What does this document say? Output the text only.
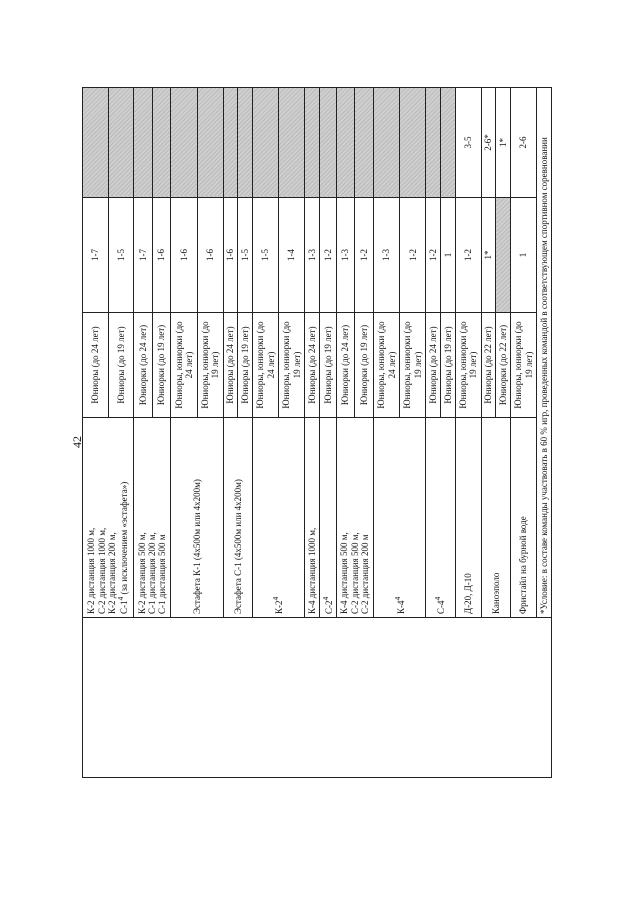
42

	К-2 дистанция 1000 м, С-2 дистанция 1000 м, К-2 дистанция 200 м, $С-1^4$ (за исключением «эстафета»)	Юниоры (до 24 лет)	1-7	
		Юниоры (до 19 лет)	1-5	

	К-2 дистанция 500 м, С-1 дистанция 200 м, С-1 дистанция 500 м	Юниорки (до 24 лет)	1-7	
		Юниорки (до 19 лет)	1-6	

	Эстафета К-1 (4х500м или 4х200м)	Юниоры, юниорки (до 24 лет)	1-6	
		Юниоры, юниорки (до 19 лет)	1-6	

	Эстафета С-1 (4х500м или 4х200м)	Юниоры (до 24 лет)	1-6	
		Юниоры (до 19 лет)	1-5	

	$К-2^4$	Юниоры, юниорки (до 24 лет)	1-5	
		Юниоры, юниорки (до 19 лет)	1-4	

	К-4 дистанция 1000 м,	Юниоры (до 24 лет)	1-3	

	$С-2^4$	Юниоры (до 19 лет)	1-2	

	К-4 дистанция 500 м, С-2 дистанция 500 м, С-2 дистанция 200 м	Юниорки (до 24 лет)	1-3	
		Юниорки (до 19 лет)	1-2	

	$К-4^4$	Юниоры, юниорки (до 24 лет)	1-3	
		Юниоры, юниорки (до 19 лет)	1-2	

	$С-4^4$	Юниоры (до 24 лет)	1-2	
		Юниоры (до 19 лет)	1	

	Д-20, Д-10	Юниоры, юниорки (до 19 лет)	1-2	3-5

	Каноэполо	Юниоры (до 22 лет)	1*	2-6*
		Юниорки (до 22 лет)		1*

	Фристайл на бурной воде	Юниоры, юниорки (до 19 лет)	1	2-6
	*Условие: в составе команды участвовать в 60 % игр, проведенных командой в соответствующем спортивном соревновании			
